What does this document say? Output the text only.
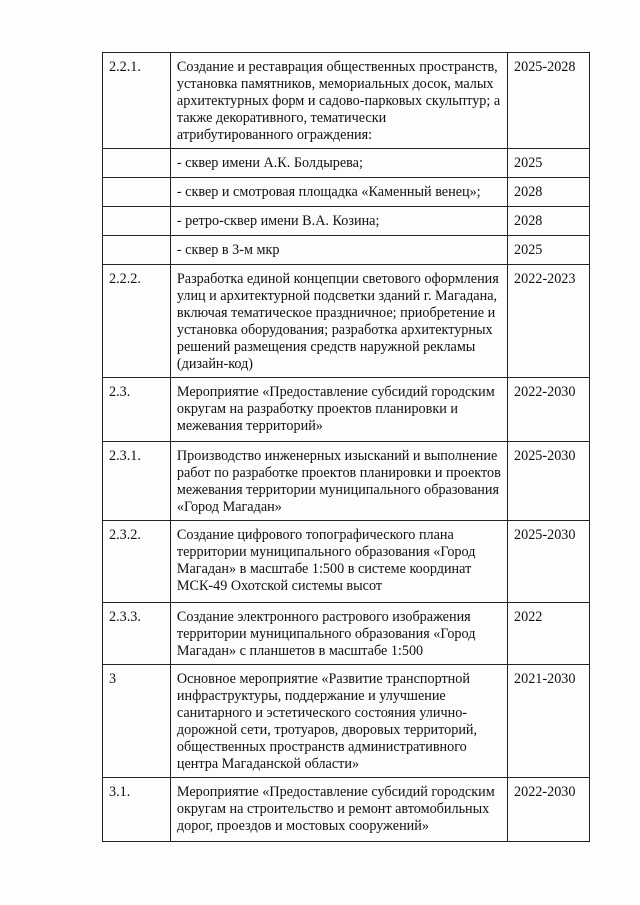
2.2.1.	Создание и реставрация общественных пространств, установка памятников, мемориальных досок, малых архитектурных форм и садово-парковых скульптур; а также декоративного, тематически атрибутированного ограждения:	2025-2028
	- сквер имени А.К. Болдырева;	2025
	- сквер и смотровая площадка «Каменный венец»;	2028
	- ретро-сквер имени В.А. Козина;	2028
	- сквер в 3-м мкр	2025
2.2.2.	Разработка единой концепции светового оформления улиц и архитектурной подсветки зданий г. Магадана, включая тематическое праздничное; приобретение и установка оборудования; разработка архитектурных решений размещения средств наружной рекламы (дизайн-код)	2022-2023
2.3.	Мероприятие «Предоставление субсидий городским округам на разработку проектов планировки и межевания территорий»	2022-2030
2.3.1.	Производство инженерных изысканий и выполнение работ по разработке проектов планировки и проектов межевания территории муниципального образования «Город Магадан»	2025-2030
2.3.2.	Создание цифрового топографического плана территории муниципального образования «Город Магадан» в масштабе 1:500 в системе координат МСК-49 Охотской системы высот	2025-2030
2.3.3.	Создание электронного растрового изображения территории муниципального образования «Город Магадан» с планшетов в масштабе 1:500	2022
3	Основное мероприятие «Развитие транспортной инфраструктуры, поддержание и улучшение санитарного и эстетического состояния улично-дорожной сети, тротуаров, дворовых территорий, общественных пространств административного центра Магаданской области»	2021-2030
3.1.	Мероприятие «Предоставление субсидий городским округам на строительство и ремонт автомобильных дорог, проездов и мостовых сооружений»	2022-2030
